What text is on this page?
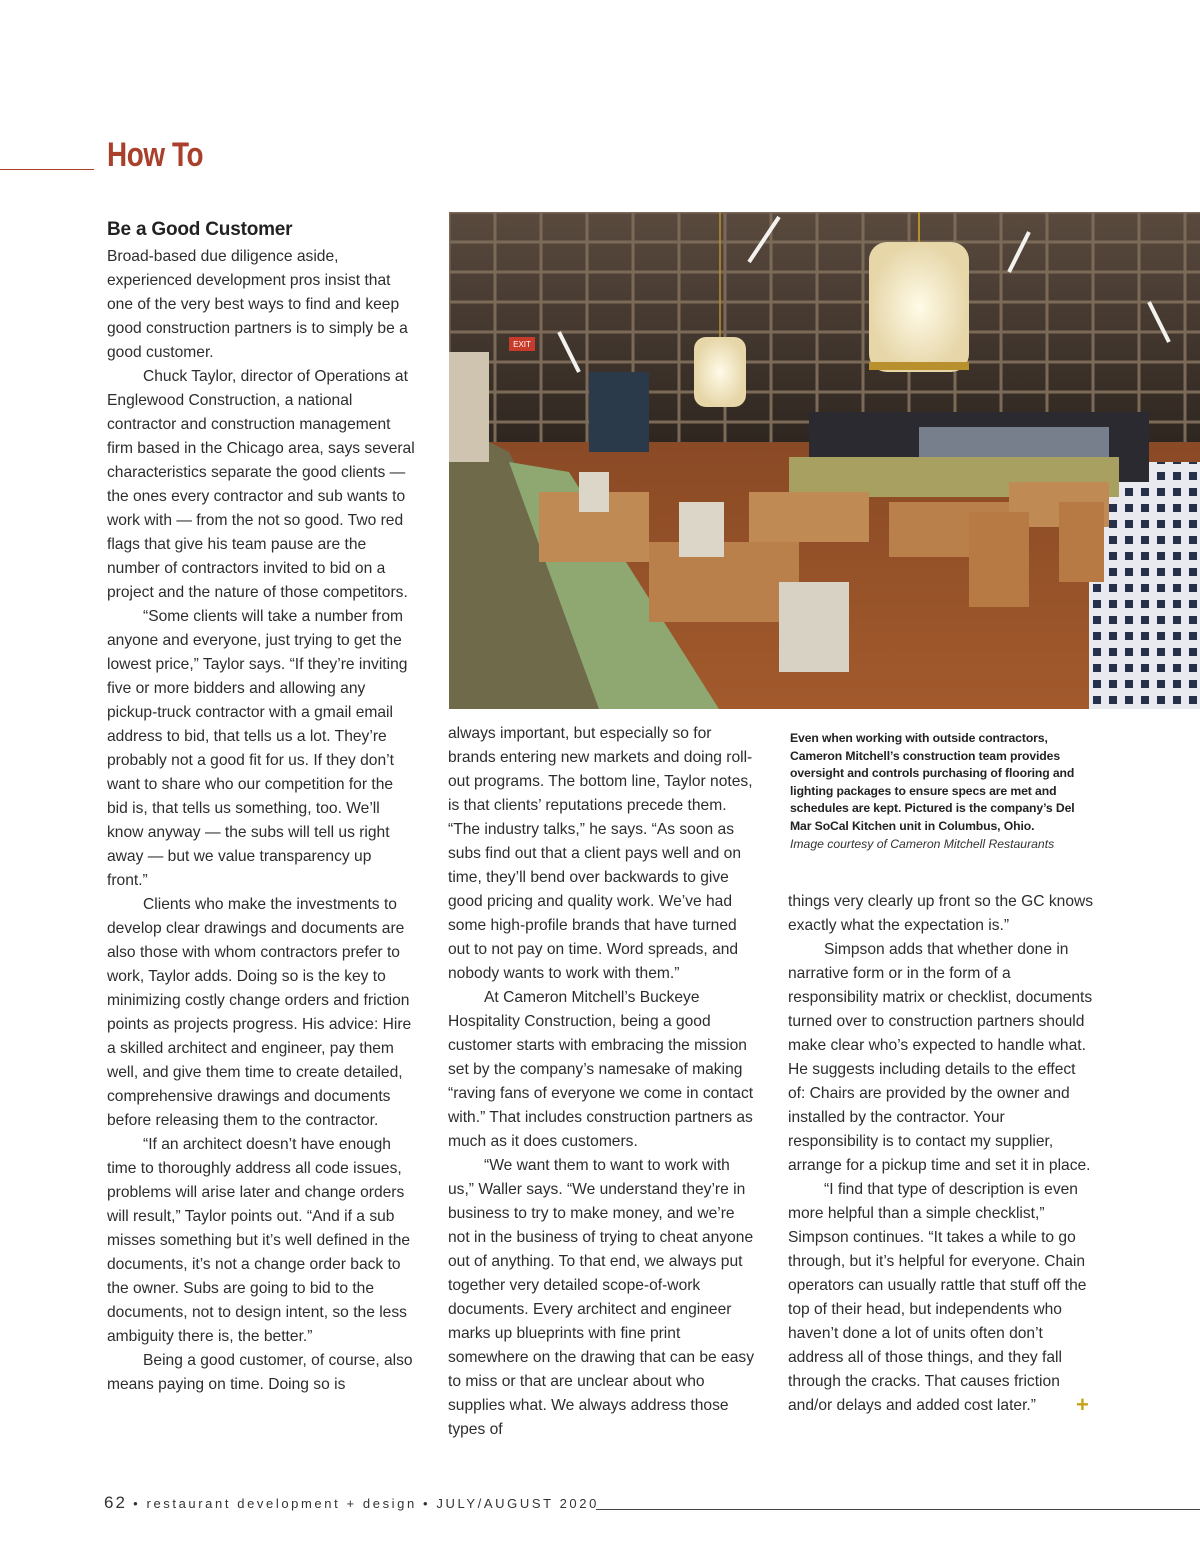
How To
Be a Good Customer

Broad-based due diligence aside, experienced development pros insist that one of the very best ways to find and keep good construction partners is to simply be a good customer.

Chuck Taylor, director of Operations at Englewood Construction, a national contractor and construction management firm based in the Chicago area, says several characteristics separate the good clients — the ones every contractor and sub wants to work with — from the not so good. Two red flags that give his team pause are the number of contractors invited to bid on a project and the nature of those competitors.

“Some clients will take a number from anyone and everyone, just trying to get the lowest price,” Taylor says. “If they’re inviting five or more bidders and allowing any pickup-truck contractor with a gmail email address to bid, that tells us a lot. They’re probably not a good fit for us. If they don’t want to share who our competition for the bid is, that tells us something, too. We’ll know anyway — the subs will tell us right away — but we value transparency up front.”

Clients who make the investments to develop clear drawings and documents are also those with whom contractors prefer to work, Taylor adds. Doing so is the key to minimizing costly change orders and friction points as projects progress. His advice: Hire a skilled architect and engineer, pay them well, and give them time to create detailed, comprehensive drawings and documents before releasing them to the contractor.

“If an architect doesn’t have enough time to thoroughly address all code issues, problems will arise later and change orders will result,” Taylor points out. “And if a sub misses something but it’s well defined in the documents, it’s not a change order back to the owner. Subs are going to bid to the documents, not to design intent, so the less ambiguity there is, the better.”

Being a good customer, of course, also means paying on time. Doing so is

EXIT
Even when working with outside contractors, Cameron Mitchell’s construction team provides oversight and controls purchasing of flooring and lighting packages to ensure specs are met and schedules are kept. Pictured is the company’s Del Mar SoCal Kitchen unit in Columbus, Ohio.
Image courtesy of Cameron Mitchell Restaurants

always important, but especially so for brands entering new markets and doing roll-out programs. The bottom line, Taylor notes, is that clients’ reputations precede them. “The industry talks,” he says. “As soon as subs find out that a client pays well and on time, they’ll bend over backwards to give good pricing and quality work. We’ve had some high-profile brands that have turned out to not pay on time. Word spreads, and nobody wants to work with them.”

At Cameron Mitchell’s Buckeye Hospitality Construction, being a good customer starts with embracing the mission set by the company’s namesake of making “raving fans of everyone we come in contact with.” That includes construction partners as much as it does customers.

“We want them to want to work with us,” Waller says. “We understand they’re in business to try to make money, and we’re not in the business of trying to cheat anyone out of anything. To that end, we always put together very detailed scope-of-work documents. Every architect and engineer marks up blueprints with fine print somewhere on the drawing that can be easy to miss or that are unclear about who supplies what. We always address those types of

things very clearly up front so the GC knows exactly what the expectation is.”

Simpson adds that whether done in narrative form or in the form of a responsibility matrix or checklist, documents turned over to construction partners should make clear who’s expected to handle what. He suggests including details to the effect of: Chairs are provided by the owner and installed by the contractor. Your responsibility is to contact my supplier, arrange for a pickup time and set it in place.

“I find that type of description is even more helpful than a simple checklist,” Simpson continues. “It takes a while to go through, but it’s helpful for everyone. Chain operators can usually rattle that stuff off the top of their head, but independents who haven’t done a lot of units often don’t address all of those things, and they fall through the cracks. That causes friction and/or delays and added cost later.” +

62 • restaurant development + design • JULY/AUGUST 2020
